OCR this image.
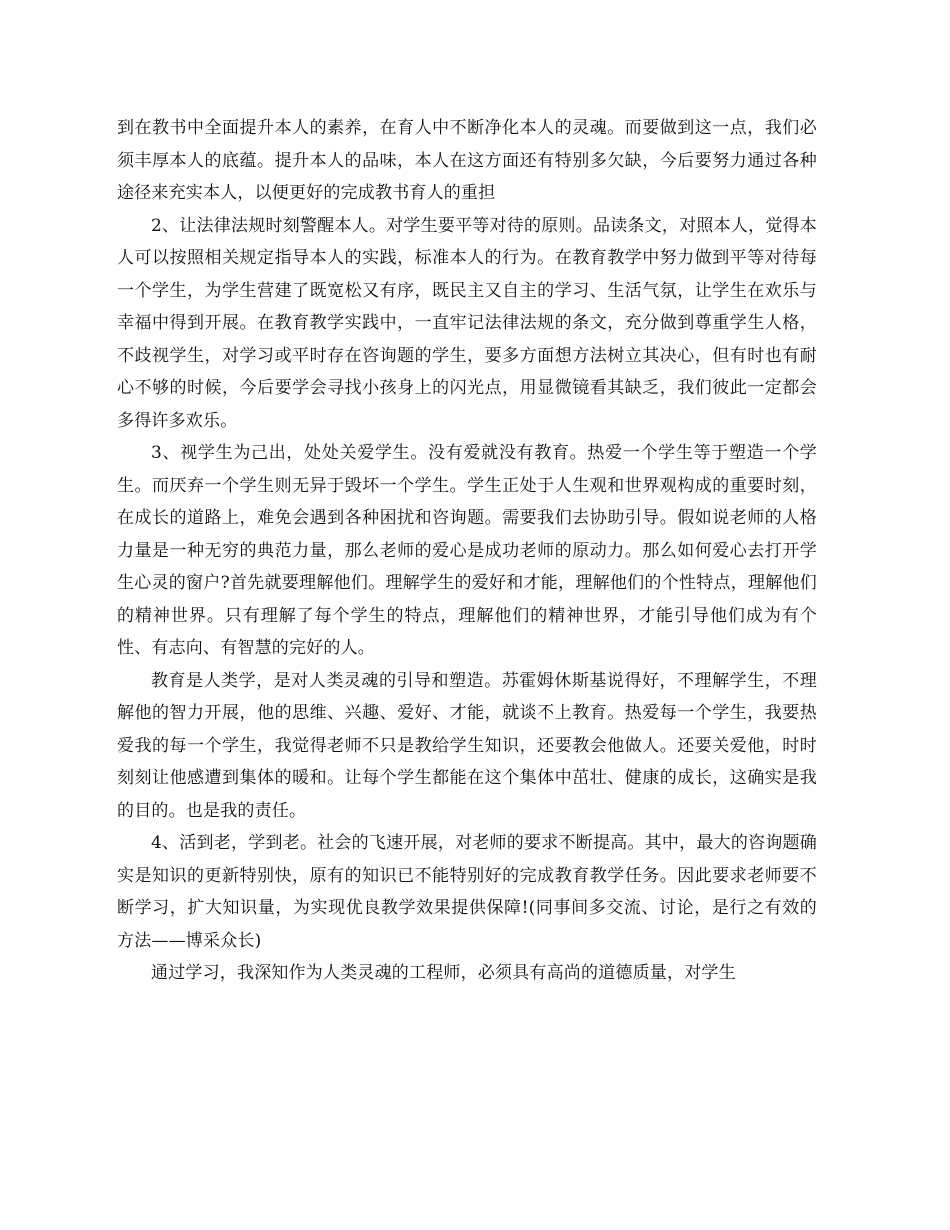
到在教书中全面提升本人的素养，在育人中不断净化本人的灵魂。而要做到这一点，我们必须丰厚本人的底蕴。提升本人的品味，本人在这方面还有特别多欠缺，今后要努力通过各种途径来充实本人，以便更好的完成教书育人的重担

2、让法律法规时刻警醒本人。对学生要平等对待的原则。品读条文，对照本人，觉得本人可以按照相关规定指导本人的实践，标准本人的行为。在教育教学中努力做到平等对待每一个学生，为学生营建了既宽松又有序，既民主又自主的学习、生活气氛，让学生在欢乐与幸福中得到开展。在教育教学实践中，一直牢记法律法规的条文，充分做到尊重学生人格，不歧视学生，对学习或平时存在咨询题的学生，要多方面想方法树立其决心，但有时也有耐心不够的时候，今后要学会寻找小孩身上的闪光点，用显微镜看其缺乏，我们彼此一定都会多得许多欢乐。

3、视学生为己出，处处关爱学生。没有爱就没有教育。热爱一个学生等于塑造一个学生。而厌弃一个学生则无异于毁坏一个学生。学生正处于人生观和世界观构成的重要时刻，在成长的道路上，难免会遇到各种困扰和咨询题。需要我们去协助引导。假如说老师的人格力量是一种无穷的典范力量，那么老师的爱心是成功老师的原动力。那么如何爱心去打开学生心灵的窗户?首先就要理解他们。理解学生的爱好和才能，理解他们的个性特点，理解他们的精神世界。只有理解了每个学生的特点，理解他们的精神世界，才能引导他们成为有个性、有志向、有智慧的完好的人。

教育是人类学，是对人类灵魂的引导和塑造。苏霍姆休斯基说得好，不理解学生，不理解他的智力开展，他的思维、兴趣、爱好、才能，就谈不上教育。热爱每一个学生，我要热爱我的每一个学生，我觉得老师不只是教给学生知识，还要教会他做人。还要关爱他，时时刻刻让他感遭到集体的暖和。让每个学生都能在这个集体中茁壮、健康的成长，这确实是我的目的。也是我的责任。

4、活到老，学到老。社会的飞速开展，对老师的要求不断提高。其中，最大的咨询题确实是知识的更新特别快，原有的知识已不能特别好的完成教育教学任务。因此要求老师要不断学习，扩大知识量，为实现优良教学效果提供保障!(同事间多交流、讨论，是行之有效的方法——博采众长)

通过学习，我深知作为人类灵魂的工程师，必须具有高尚的道德质量，对学生
